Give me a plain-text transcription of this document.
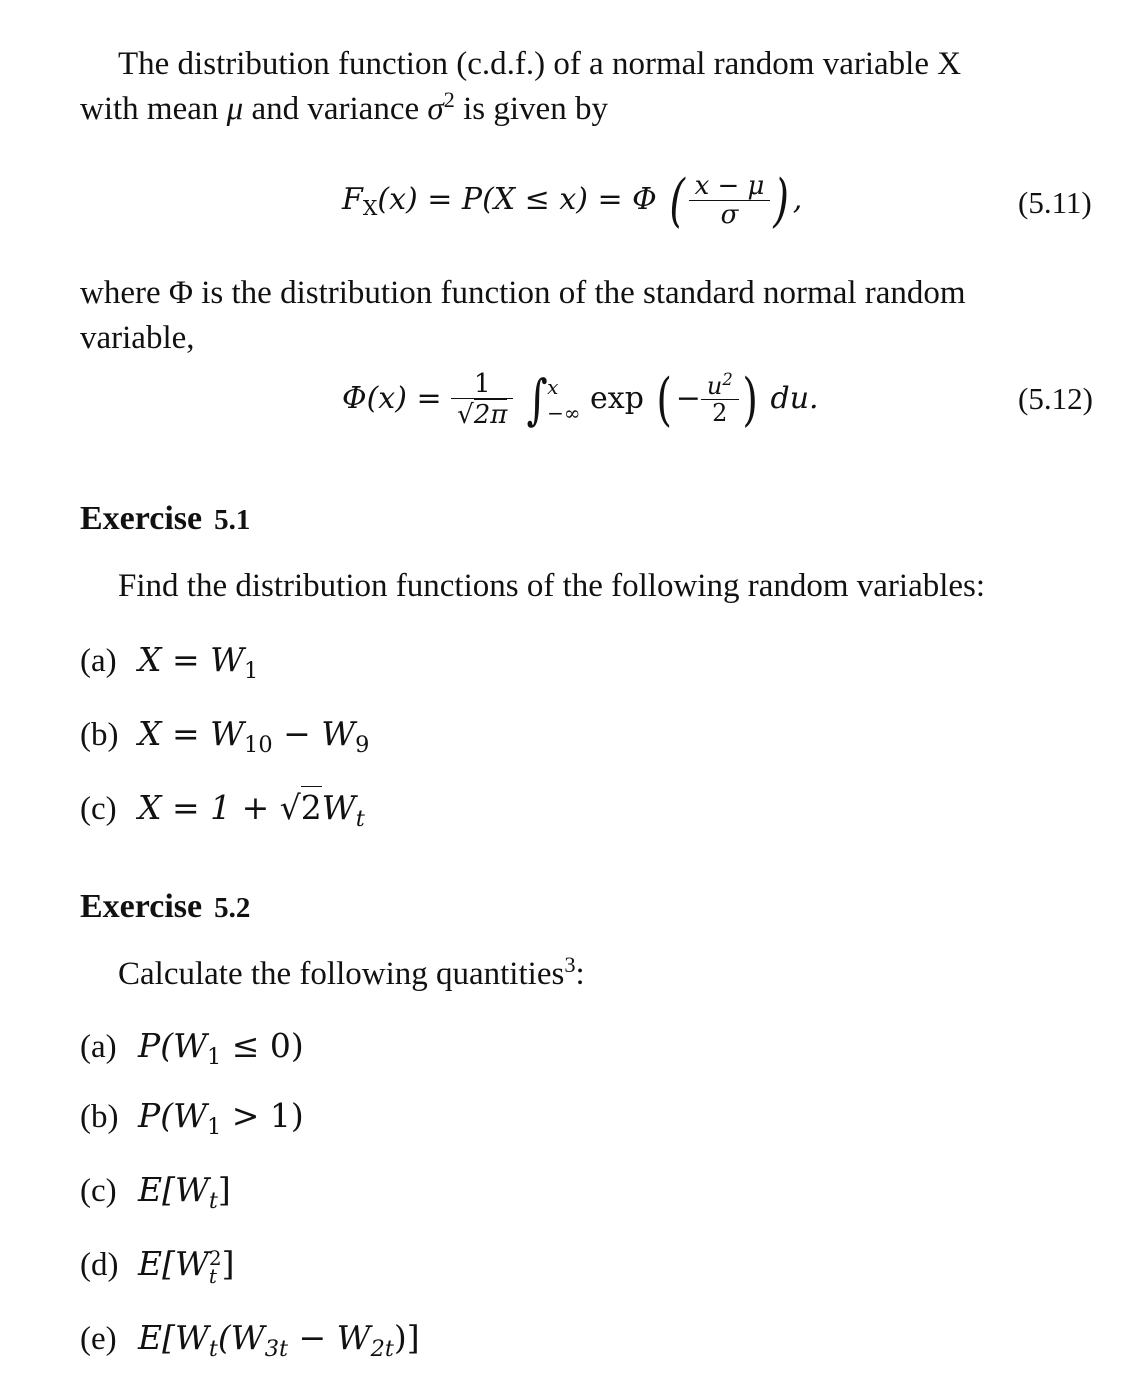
The distribution function (c.d.f.) of a normal random variable X
with mean μ and variance $\sigma^2$ is given by
$F_X(x) = P(X \le x) = \Phi$ ( $\frac{x - \mu}{\sigma}$ ) ,	(5.11)
where Φ is the distribution function of the standard normal random
variable,
$\Phi(x) = \frac{1}{√2\pi}$ ∫ x
−∞ exp ( − $\frac{u^2}{2}$ ) du.	(5.12)
Exercise 5.1
Find the distribution functions of the following random variables:
(a) $X = W_1$
(b) $X = W_{10} - W_9$
(c) $X = 1 + √2W_t$
Exercise 5.2
Calculate the following quantities$^3$:
(a) $P(W_1 \le 0)$
(b) $P(W_1 > 1)$
(c) $E[W_t]$
(d) E[W 2
t ]
(e) $E[W_t(W_{3t} - W_{2t})]$
